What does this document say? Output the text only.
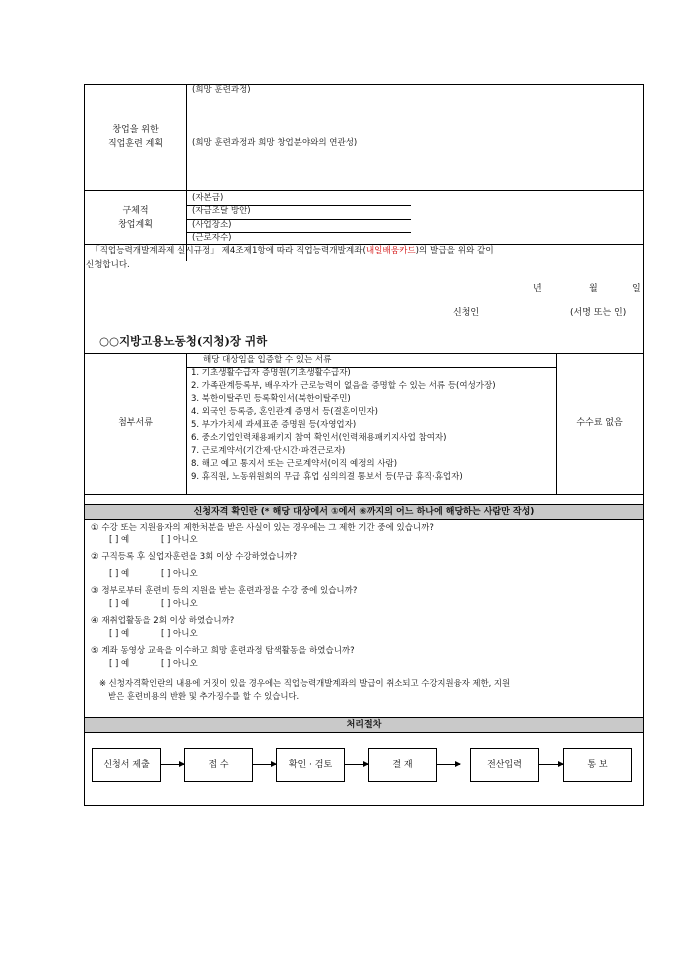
창업을 위한
직업훈련 계획
(희망 훈련과정)
(희망 훈련과정과 희망 창업분야와의 연관성)
구체적
창업계획
(자본금)
(자금조달 방안)
(사업장소)
(근로자수)
「직업능력개발계좌제 실시규정」 제4조제1항에 따라 직업능력개발계좌(내일배움카드)의 발급을 위와 같이
신청합니다.
년	월	일
신청인	(서명 또는 인)
○○지방고용노동청(지청)장 귀하
첨부서류
해당 대상임을 입증할 수 있는 서류
1. 기초생활수급자 증명원(기초생활수급자)
2. 가족관계등록부, 배우자가 근로능력이 없음을 증명할 수 있는 서류 등(여성가장)
3. 북한이탈주민 등록확인서(북한이탈주민)
4. 외국인 등록증, 혼인관계 증명서 등(결혼이민자)
5. 부가가치세 과세표준 증명원 등(자영업자)
6. 중소기업인력채용패키지 참여 확인서(인력채용패키지사업 참여자)
7. 근로계약서(기간제·단시간·파견근로자)
8. 해고 예고 통지서 또는 근로계약서(이직 예정의 사람)
9. 휴직원, 노동위원회의 무급 휴업 심의의결 통보서 등(무급 휴직·휴업자)
수수료 없음
신청자격 확인란 (* 해당 대상에서 ①에서 ⑥까지의 어느 하나에 해당하는 사람만 작성)
① 수강 또는 지원융자의 제한처분을 받은 사실이 있는 경우에는 그 제한 기간 중에 있습니까?
[ ] 예	[ ] 아니오
② 구직등록 후 실업자훈련을 3회 이상 수강하였습니까?
[ ] 예	[ ] 아니오
③ 정부로부터 훈련비 등의 지원을 받는 훈련과정을 수강 중에 있습니까?
[ ] 예	[ ] 아니오
④ 재취업활동을 2회 이상 하였습니까?
[ ] 예	[ ] 아니오
⑤ 계좌 동영상 교육을 이수하고 희망 훈련과정 탐색활동을 하였습니까?
[ ] 예	[ ] 아니오
※ 신청자격확인란의 내용에 거짓이 있을 경우에는 직업능력개발계좌의 발급이 취소되고 수강지원융자 제한, 지원
받은 훈련비용의 반환 및 추가징수를 할 수 있습니다.
처리절차
신청서 제출	접 수	확인 · 검토	결 재	전산입력	통 보
